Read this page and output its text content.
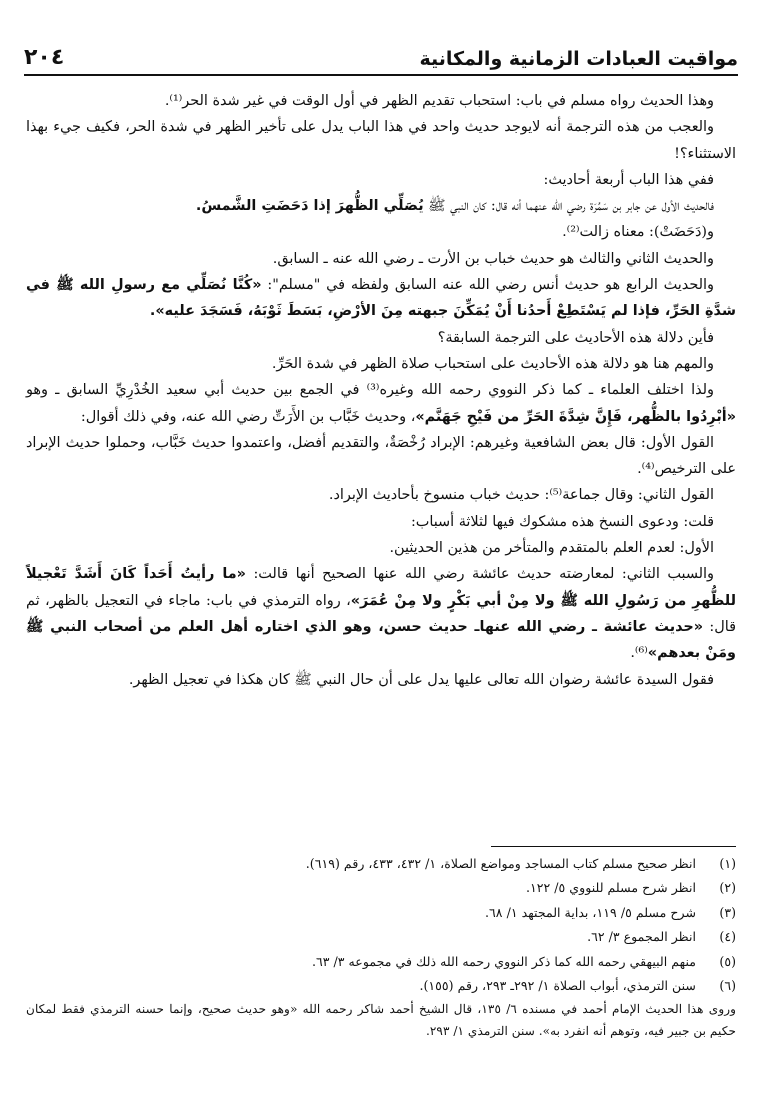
مواقيت العبادات الزمانية والمكانية
٢٠٤

وهذا الحديث رواه مسلم في باب: استحباب تقديم الظهر في أول الوقت في غير شدة الحر⁽¹⁾.

والعجب من هذه الترجمة أنه لايوجد حديث واحد في هذا الباب يدل على تأخير الظهر في شدة الحر، فكيف جيء بهذا الاستثناء؟!

ففي هذا الباب أربعة أحاديث:

فالحديث الأول عن جابر بن سَمُرَة رضي الله عنهما أنه قال: كان النبي ﷺ يُصَلِّي الظُّهرَ إذا دَحَضَتِ الشَّمسُ.

و(دَحَضَتْ): معناه زالت⁽²⁾.

والحديث الثاني والثالث هو حديث خباب بن الأرت ـ رضي الله عنه ـ السابق.

والحديث الرابع هو حديث أنس رضي الله عنه السابق ولفظه في "مسلم": «كُنَّا نُصَلِّي مع رسولِ الله ﷺ في شدَّةِ الحَرِّ، فإذا لم يَسْتَطِعْ أَحدُنا أَنْ يُمَكِّنَ جبهته مِنَ الأرْضِ، بَسَطَ ثَوْبَهُ، فَسَجَدَ عليه».

فأين دلالة هذه الأحاديث على الترجمة السابقة؟

والمهم هنا هو دلالة هذه الأحاديث على استحباب صلاة الظهر في شدة الحَرِّ.

ولذا اختلف العلماء ـ كما ذكر النووي رحمه الله وغيره⁽³⁾ في الجمع بين حديث أبي سعيد الخُدْرِيِّ السابق ـ وهو «أبْرِدُوا بالظُّهر، فَإِنَّ شِدَّةَ الحَرِّ من فَيْحِ جَهَنَّم»، وحديث خَبَّاب بن الأَرَتِّ رضي الله عنه، وفي ذلك أقوال:

القول الأول: قال بعض الشافعية وغيرهم: الإبراد رُخْصَةٌ، والتقديم أفضل، واعتمدوا حديث خَبَّاب، وحملوا حديث الإبراد على الترخيص⁽⁴⁾.

القول الثاني: وقال جماعة⁽⁵⁾: حديث خباب منسوخ بأحاديث الإبراد.

قلت: ودعوى النسخ هذه مشكوك فيها لثلاثة أسباب:

الأول: لعدم العلم بالمتقدم والمتأخر من هذين الحديثين.

والسبب الثاني: لمعارضته حديث عائشة رضي الله عنها الصحيح أنها قالت: «ما رأيتُ أَحَداً كَانَ أَشَدَّ تَعْجيلاً للظُّهرِ من رَسُولِ الله ﷺ ولا مِنْ أبي بَكْرٍ ولا مِنْ عُمَرَ»، رواه الترمذي في باب: ماجاء في التعجيل بالظهر، ثم قال: «حديث عائشة ـ رضي الله عنهاـ حديث حسن، وهو الذي اختاره أهل العلم من أصحاب النبي ﷺ ومَنْ بعدهم»⁽⁶⁾.

فقول السيدة عائشة رضوان الله تعالى عليها يدل على أن حال النبي ﷺ كان هكذا في تعجيل الظهر.

(١)
انظر صحيح مسلم كتاب المساجد ومواضع الصلاة، ١/ ٤٣٢، ٤٣٣، رقم (٦١٩).
(٢)
انظر شرح مسلم للنووي ٥/ ١٢٢.
(٣)
شرح مسلم ٥/ ١١٩، بداية المجتهد ١/ ٦٨.
(٤)
انظر المجموع ٣/ ٦٢.
(٥)
منهم البيهقي رحمه الله كما ذكر النووي رحمه الله ذلك في مجموعه ٣/ ٦٣.
(٦)
سنن الترمذي، أبواب الصلاة ١/ ٢٩٢ـ ٢٩٣، رقم (١٥٥).
وروى هذا الحديث الإمام أحمد في مسنده ٦/ ١٣٥، قال الشيخ أحمد شاكر رحمه الله «وهو حديث صحيح، وإنما حسنه الترمذي فقط لمكان حكيم بن جبير فيه، وتوهم أنه انفرد به». سنن الترمذي ١/ ٢٩٣.
